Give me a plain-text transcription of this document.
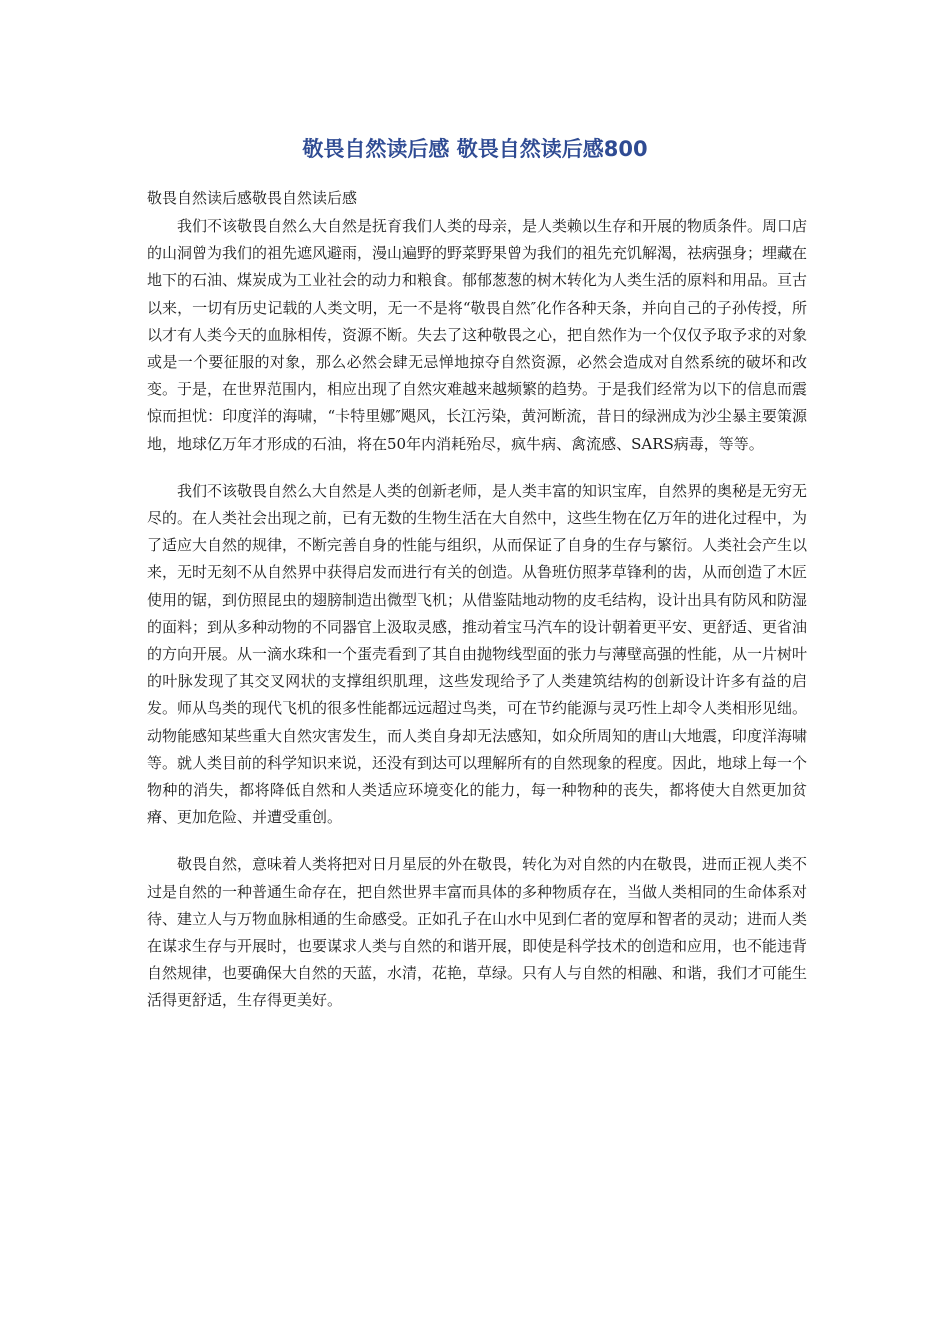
敬畏自然读后感 敬畏自然读后感800

敬畏自然读后感敬畏自然读后感

我们不该敬畏自然么大自然是抚育我们人类的母亲，是人类赖以生存和开展的物质条件。周口店的山洞曾为我们的祖先遮风避雨，漫山遍野的野菜野果曾为我们的祖先充饥解渴，祛病强身；埋藏在地下的石油、煤炭成为工业社会的动力和粮食。郁郁葱葱的树木转化为人类生活的原料和用品。亘古以来，一切有历史记载的人类文明，无一不是将“敬畏自然″化作各种天条，并向自己的子孙传授，所以才有人类今天的血脉相传，资源不断。失去了这种敬畏之心，把自然作为一个仅仅予取予求的对象或是一个要征服的对象，那么必然会肆无忌惮地掠夺自然资源，必然会造成对自然系统的破坏和改变。于是，在世界范围内，相应出现了自然灾难越来越频繁的趋势。于是我们经常为以下的信息而震惊而担忧：印度洋的海啸，“卡特里娜″飓风，长江污染，黄河断流，昔日的绿洲成为沙尘暴主要策源地，地球亿万年才形成的石油，将在50年内消耗殆尽，疯牛病、禽流感、SARS病毒，等等。

我们不该敬畏自然么大自然是人类的创新老师，是人类丰富的知识宝库，自然界的奥秘是无穷无尽的。在人类社会出现之前，已有无数的生物生活在大自然中，这些生物在亿万年的进化过程中，为了适应大自然的规律，不断完善自身的性能与组织，从而保证了自身的生存与繁衍。人类社会产生以来，无时无刻不从自然界中获得启发而进行有关的创造。从鲁班仿照茅草锋利的齿，从而创造了木匠使用的锯，到仿照昆虫的翅膀制造出微型飞机；从借鉴陆地动物的皮毛结构，设计出具有防风和防湿的面料；到从多种动物的不同器官上汲取灵感，推动着宝马汽车的设计朝着更平安、更舒适、更省油的方向开展。从一滴水珠和一个蛋壳看到了其自由抛物线型面的张力与薄壁高强的性能，从一片树叶的叶脉发现了其交叉网状的支撑组织肌理，这些发现给予了人类建筑结构的创新设计许多有益的启发。师从鸟类的现代飞机的很多性能都远远超过鸟类，可在节约能源与灵巧性上却令人类相形见绌。动物能感知某些重大自然灾害发生，而人类自身却无法感知，如众所周知的唐山大地震，印度洋海啸等。就人类目前的科学知识来说，还没有到达可以理解所有的自然现象的程度。因此，地球上每一个物种的消失，都将降低自然和人类适应环境变化的能力，每一种物种的丧失，都将使大自然更加贫瘠、更加危险、并遭受重创。

敬畏自然，意味着人类将把对日月星辰的外在敬畏，转化为对自然的内在敬畏，进而正视人类不过是自然的一种普通生命存在，把自然世界丰富而具体的多种物质存在，当做人类相同的生命体系对待、建立人与万物血脉相通的生命感受。正如孔子在山水中见到仁者的宽厚和智者的灵动；进而人类在谋求生存与开展时，也要谋求人类与自然的和谐开展，即使是科学技术的创造和应用，也不能违背自然规律，也要确保大自然的天蓝，水清，花艳，草绿。只有人与自然的相融、和谐，我们才可能生活得更舒适，生存得更美好。
